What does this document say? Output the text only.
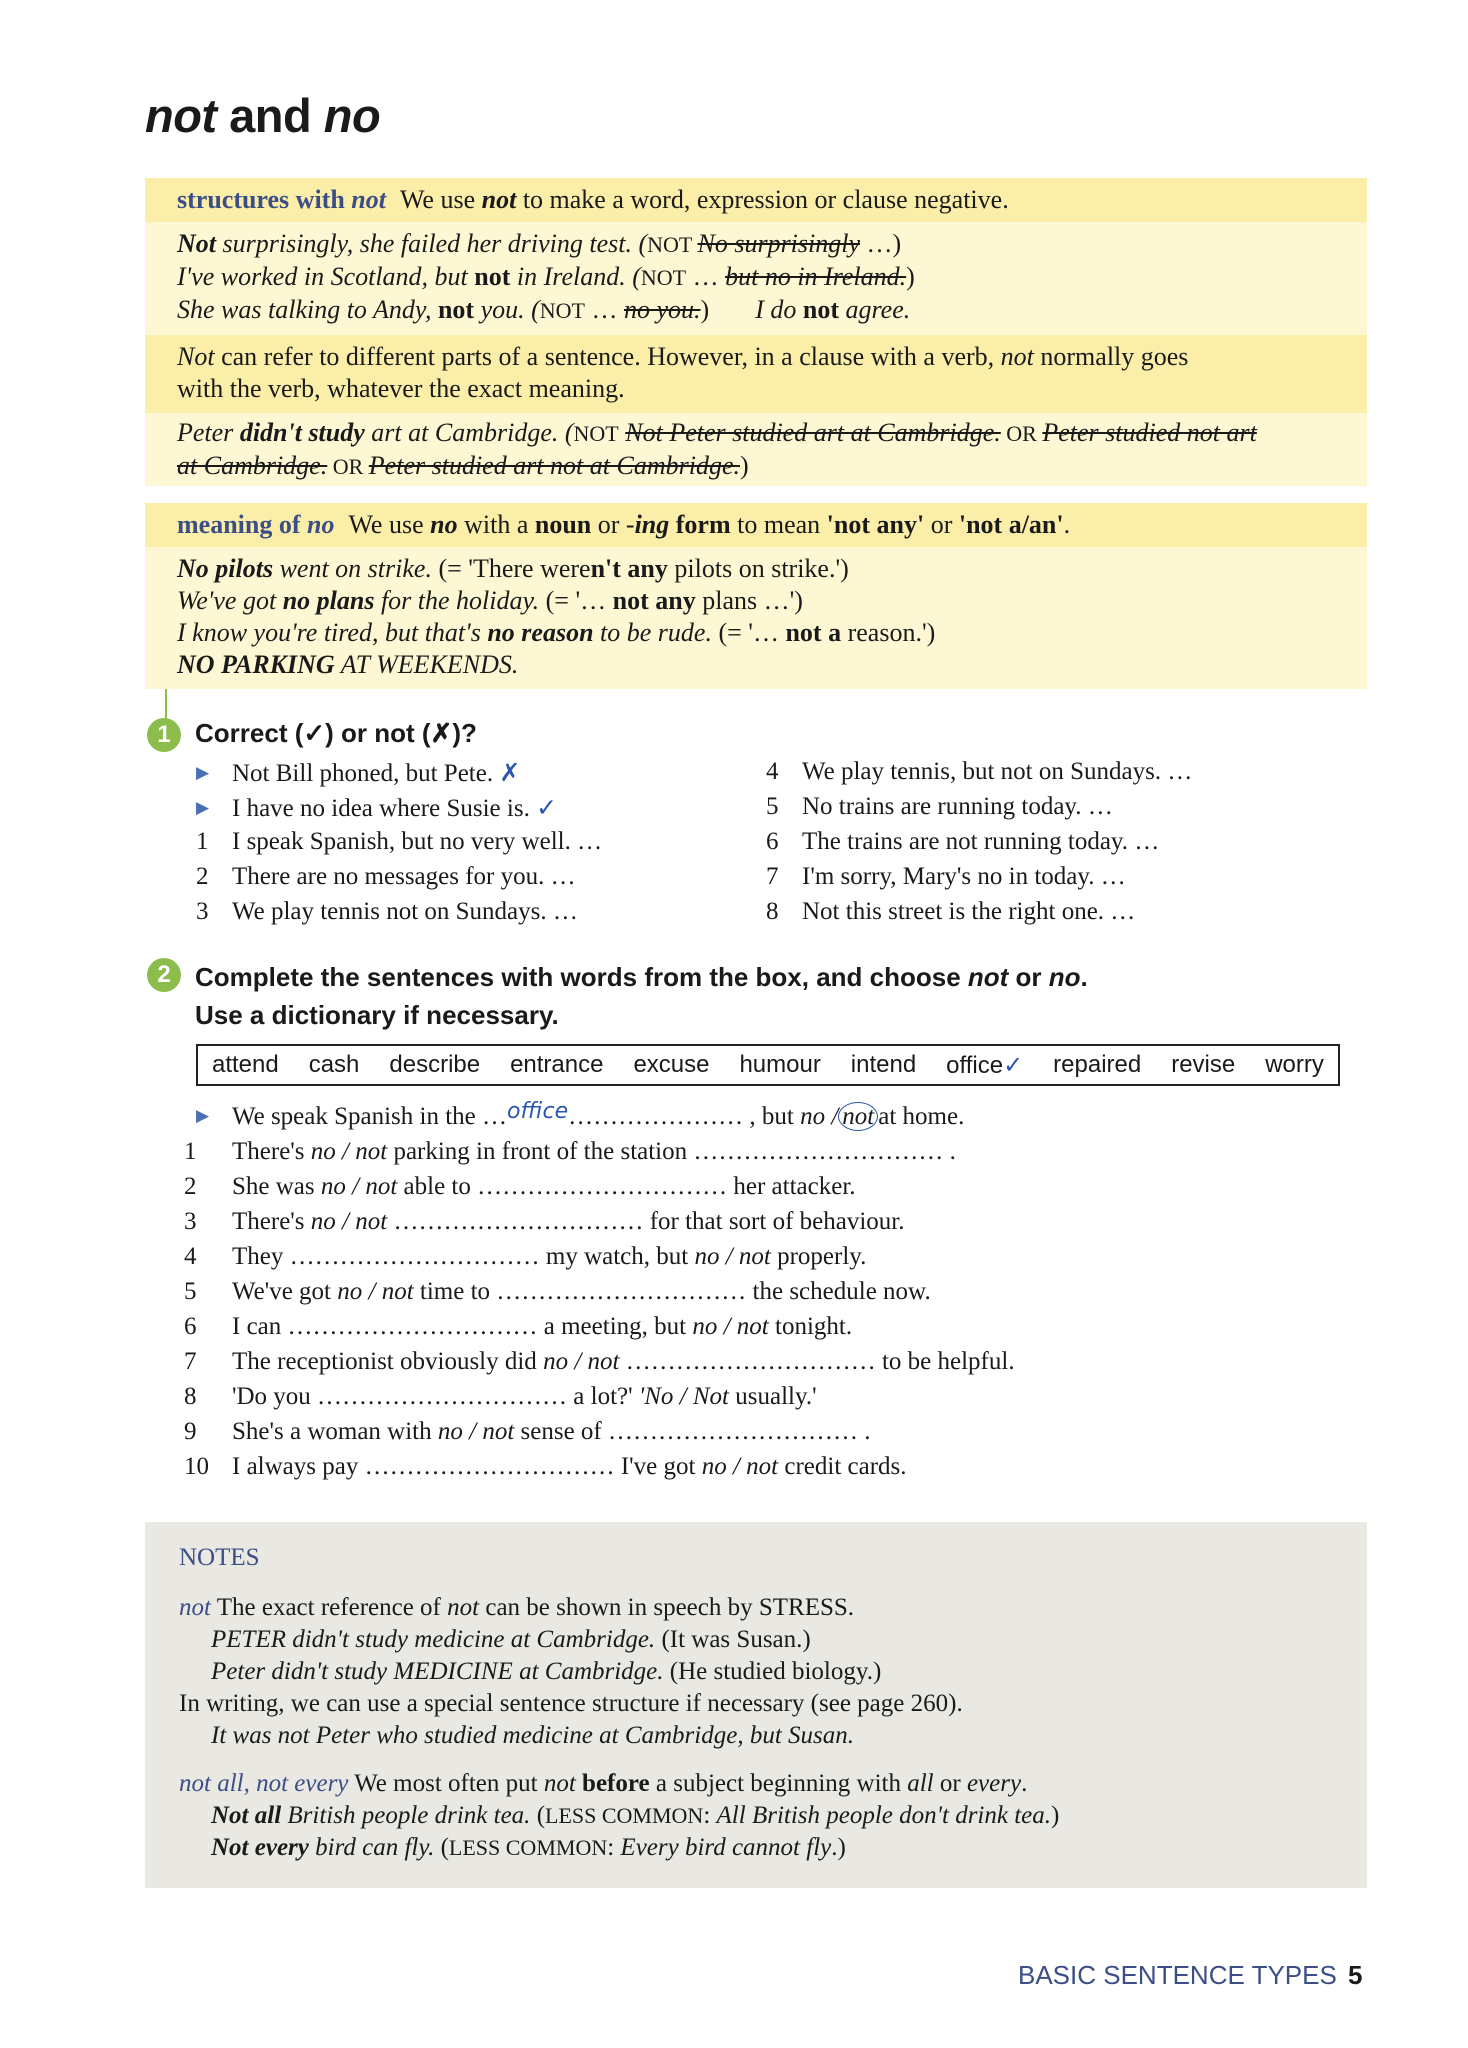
not and no
structures with not We use not to make a word, expression or clause negative.

Not surprisingly, she failed her driving test. (NOT No surprisingly …)

I've worked in Scotland, but not in Ireland. (NOT … but no in Ireland.)

She was talking to Andy, not you. (NOT … no you.) I do not agree.

Not can refer to different parts of a sentence. However, in a clause with a verb, not normally goes
with the verb, whatever the exact meaning.

Peter didn't study art at Cambridge. (NOT Not Peter studied art at Cambridge. OR Peter studied not art

at Cambridge. OR Peter studied art not at Cambridge.)

meaning of no We use no with a noun or -ing form to mean 'not any' or 'not a/an'.

No pilots went on strike. (= 'There weren't any pilots on strike.')

We've got no plans for the holiday. (= '… not any plans …')

I know you're tired, but that's no reason to be rude. (= '… not a reason.')

NO PARKING AT WEEKENDS.

1 Correct (✓) or not (✗)?
▶ Not Bill phoned, but Pete. ✗
▶ I have no idea where Susie is. ✓
1 I speak Spanish, but no very well. …
2 There are no messages for you. …
3 We play tennis not on Sundays. …
4 We play tennis, but not on Sundays. …
5 No trains are running today. …
6 The trains are not running today. …
7 I'm sorry, Mary's no in today. …
8 Not this street is the right one. …
2 Complete the sentences with words from the box, and choose not or no.
Use a dictionary if necessary.
attend cash describe entrance excuse humour intend office✓ repaired revise worry
▶ We speak Spanish in the …office………………… , but no / not at home.
1 There's no / not parking in front of the station ………………………… .
2 She was no / not able to ………………………… her attacker.
3 There's no / not ………………………… for that sort of behaviour.
4 They ………………………… my watch, but no / not properly.
5 We've got no / not time to ………………………… the schedule now.
6 I can ………………………… a meeting, but no / not tonight.
7 The receptionist obviously did no / not ………………………… to be helpful.
8 'Do you ………………………… a lot?' 'No / Not usually.'
9 She's a woman with no / not sense of ………………………… .
10 I always pay ………………………… I've got no / not credit cards.
NOTES
not The exact reference of not can be shown in speech by STRESS.
PETER didn't study medicine at Cambridge. (It was Susan.)
Peter didn't study MEDICINE at Cambridge. (He studied biology.)
In writing, we can use a special sentence structure if necessary (see page 260).
It was not Peter who studied medicine at Cambridge, but Susan.
not all, not every We most often put not before a subject beginning with all or every.
Not all British people drink tea. (LESS COMMON: All British people don't drink tea.)
Not every bird can fly. (LESS COMMON: Every bird cannot fly.)
BASIC SENTENCE TYPES 5
